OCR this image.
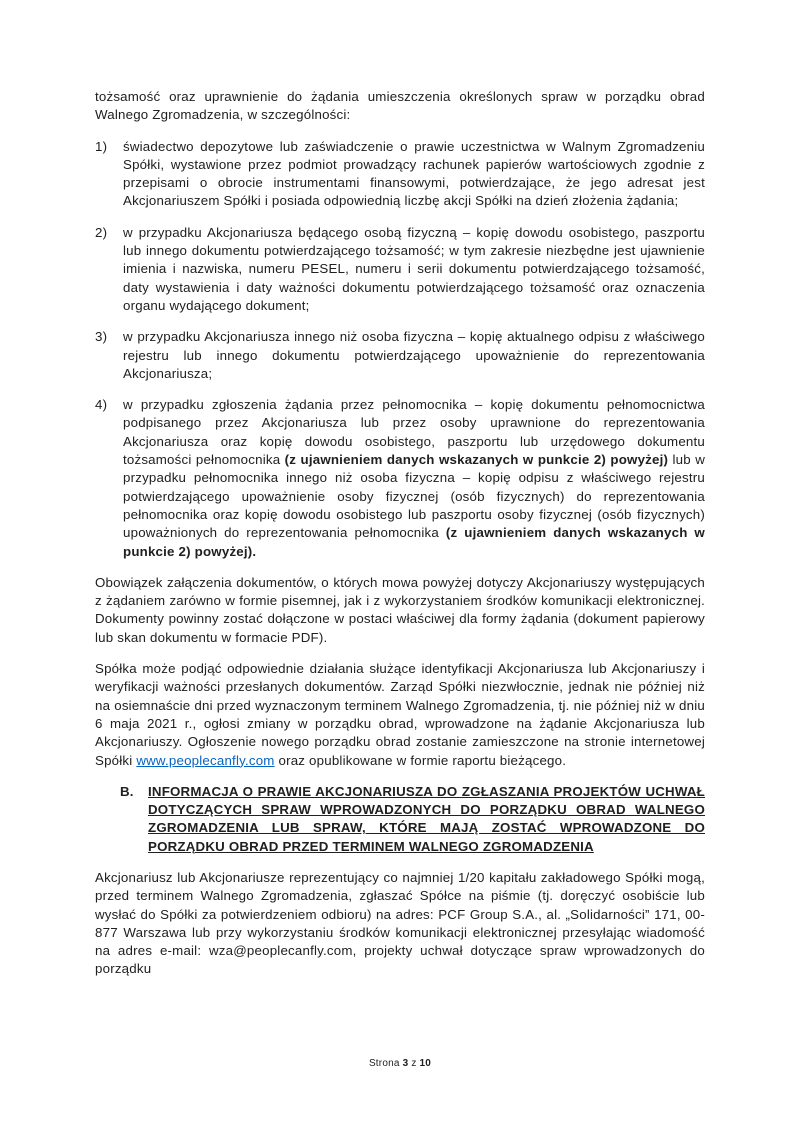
tożsamość oraz uprawnienie do żądania umieszczenia określonych spraw w porządku obrad Walnego Zgromadzenia, w szczególności:

1)	świadectwo depozytowe lub zaświadczenie o prawie uczestnictwa w Walnym Zgromadzeniu Spółki, wystawione przez podmiot prowadzący rachunek papierów wartościowych zgodnie z przepisami o obrocie instrumentami finansowymi, potwierdzające, że jego adresat jest Akcjonariuszem Spółki i posiada odpowiednią liczbę akcji Spółki na dzień złożenia żądania;
2)	w przypadku Akcjonariusza będącego osobą fizyczną – kopię dowodu osobistego, paszportu lub innego dokumentu potwierdzającego tożsamość; w tym zakresie niezbędne jest ujawnienie imienia i nazwiska, numeru PESEL, numeru i serii dokumentu potwierdzającego tożsamość, daty wystawienia i daty ważności dokumentu potwierdzającego tożsamość oraz oznaczenia organu wydającego dokument;
3)	w przypadku Akcjonariusza innego niż osoba fizyczna – kopię aktualnego odpisu z właściwego rejestru lub innego dokumentu potwierdzającego upoważnienie do reprezentowania Akcjonariusza;
4)	w przypadku zgłoszenia żądania przez pełnomocnika – kopię dokumentu pełnomocnictwa podpisanego przez Akcjonariusza lub przez osoby uprawnione do reprezentowania Akcjonariusza oraz kopię dowodu osobistego, paszportu lub urzędowego dokumentu tożsamości pełnomocnika (z ujawnieniem danych wskazanych w punkcie 2) powyżej) lub w przypadku pełnomocnika innego niż osoba fizyczna – kopię odpisu z właściwego rejestru potwierdzającego upoważnienie osoby fizycznej (osób fizycznych) do reprezentowania pełnomocnika oraz kopię dowodu osobistego lub paszportu osoby fizycznej (osób fizycznych) upoważnionych do reprezentowania pełnomocnika (z ujawnieniem danych wskazanych w punkcie 2) powyżej).

Obowiązek załączenia dokumentów, o których mowa powyżej dotyczy Akcjonariuszy występujących z żądaniem zarówno w formie pisemnej, jak i z wykorzystaniem środków komunikacji elektronicznej. Dokumenty powinny zostać dołączone w postaci właściwej dla formy żądania (dokument papierowy lub skan dokumentu w formacie PDF).

Spółka może podjąć odpowiednie działania służące identyfikacji Akcjonariusza lub Akcjonariuszy i weryfikacji ważności przesłanych dokumentów. Zarząd Spółki niezwłocznie, jednak nie później niż na osiemnaście dni przed wyznaczonym terminem Walnego Zgromadzenia, tj. nie później niż w dniu 6 maja 2021 r., ogłosi zmiany w porządku obrad, wprowadzone na żądanie Akcjonariusza lub Akcjonariuszy. Ogłoszenie nowego porządku obrad zostanie zamieszczone na stronie internetowej Spółki www.peoplecanfly.com oraz opublikowane w formie raportu bieżącego.

B.	INFORMACJA O PRAWIE AKCJONARIUSZA DO ZGŁASZANIA PROJEKTÓW UCHWAŁ DOTYCZĄCYCH SPRAW WPROWADZONYCH DO PORZĄDKU OBRAD WALNEGO ZGROMADZENIA LUB SPRAW, KTÓRE MAJĄ ZOSTAĆ WPROWADZONE DO PORZĄDKU OBRAD PRZED TERMINEM WALNEGO ZGROMADZENIA

Akcjonariusz lub Akcjonariusze reprezentujący co najmniej 1/20 kapitału zakładowego Spółki mogą, przed terminem Walnego Zgromadzenia, zgłaszać Spółce na piśmie (tj. doręczyć osobiście lub wysłać do Spółki za potwierdzeniem odbioru) na adres: PCF Group S.A., al. „Solidarności” 171, 00-877 Warszawa lub przy wykorzystaniu środków komunikacji elektronicznej przesyłając wiadomość na adres e-mail: wza@peoplecanfly.com, projekty uchwał dotyczące spraw wprowadzonych do porządku

Strona 3 z 10
